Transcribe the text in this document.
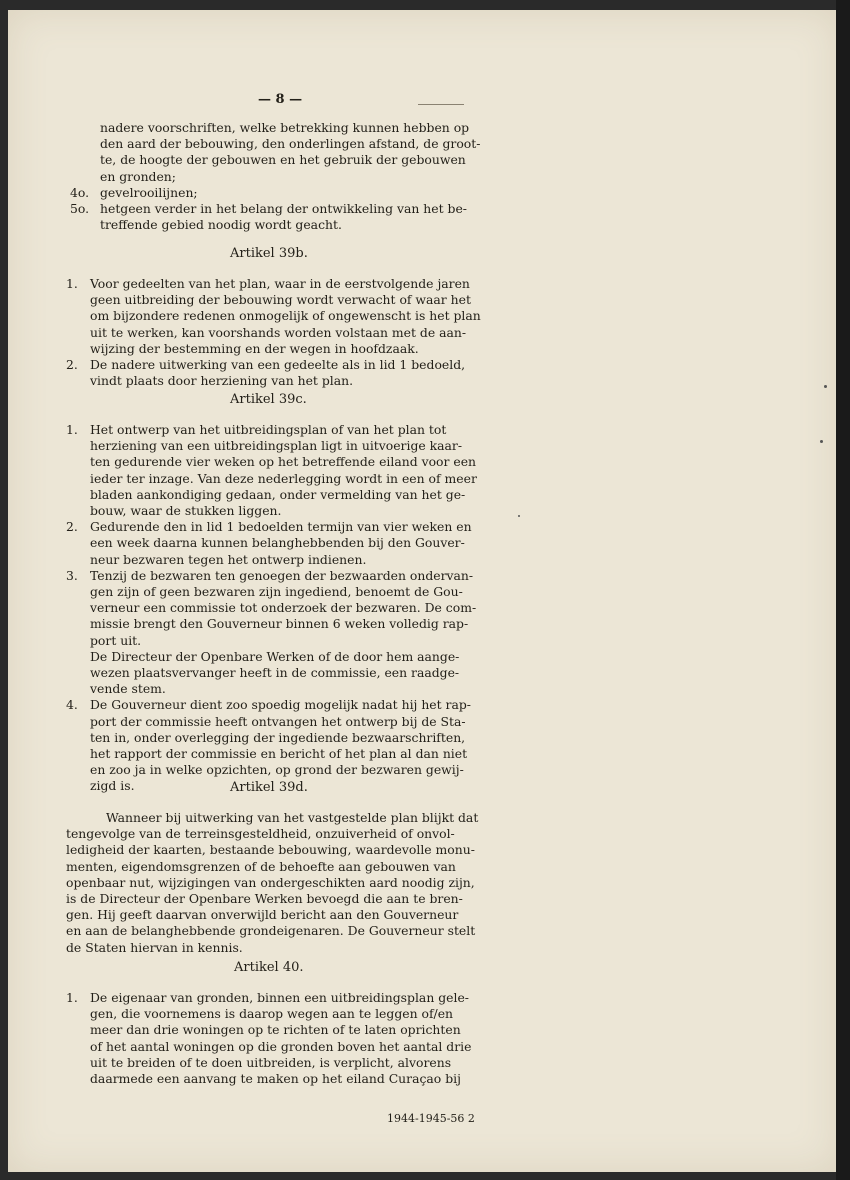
— 8 —
nadere voorschriften, welke betrekking kunnen hebben op
den aard der bebouwing, den onderlingen afstand, de groot-
te, de hoogte der gebouwen en het gebruik der gebouwen
en gronden;
4o. gevelrooilijnen;
5o. hetgeen verder in het belang der ontwikkeling van het be-
treffende gebied noodig wordt geacht.
Artikel 39b.
1. Voor gedeelten van het plan, waar in de eerstvolgende jaren
geen uitbreiding der bebouwing wordt verwacht of waar het
om bijzondere redenen onmogelijk of ongewenscht is het plan
uit te werken, kan voorshands worden volstaan met de aan-
wijzing der bestemming en der wegen in hoofdzaak.
2. De nadere uitwerking van een gedeelte als in lid 1 bedoeld,
vindt plaats door herziening van het plan.
Artikel 39c.
1. Het ontwerp van het uitbreidingsplan of van het plan tot
herziening van een uitbreidingsplan ligt in uitvoerige kaar-
ten gedurende vier weken op het betreffende eiland voor een
ieder ter inzage. Van deze nederlegging wordt in een of meer
bladen aankondiging gedaan, onder vermelding van het ge-
bouw, waar de stukken liggen.
2. Gedurende den in lid 1 bedoelden termijn van vier weken en
een week daarna kunnen belanghebbenden bij den Gouver-
neur bezwaren tegen het ontwerp indienen.
3. Tenzij de bezwaren ten genoegen der bezwaarden ondervan-
gen zijn of geen bezwaren zijn ingediend, benoemt de Gou-
verneur een commissie tot onderzoek der bezwaren. De com-
missie brengt den Gouverneur binnen 6 weken volledig rap-
port uit.
De Directeur der Openbare Werken of de door hem aange-
wezen plaatsvervanger heeft in de commissie, een raadge-
vende stem.
4. De Gouverneur dient zoo spoedig mogelijk nadat hij het rap-
port der commissie heeft ontvangen het ontwerp bij de Sta-
ten in, onder overlegging der ingediende bezwaarschriften,
het rapport der commissie en bericht of het plan al dan niet
en zoo ja in welke opzichten, op grond der bezwaren gewij-
zigd is.	Artikel 39d.
Wanneer bij uitwerking van het vastgestelde plan blijkt dat
tengevolge van de terreinsgesteldheid, onzuiverheid of onvol-
ledigheid der kaarten, bestaande bebouwing, waardevolle monu-
menten, eigendomsgrenzen of de behoefte aan gebouwen van
openbaar nut, wijzigingen van ondergeschikten aard noodig zijn,
is de Directeur der Openbare Werken bevoegd die aan te bren-
gen. Hij geeft daarvan onverwijld bericht aan den Gouverneur
en aan de belanghebbende grondeigenaren. De Gouverneur stelt
de Staten hiervan in kennis.
Artikel 40.
1. De eigenaar van gronden, binnen een uitbreidingsplan gele-
gen, die voornemens is daarop wegen aan te leggen of/en
meer dan drie woningen op te richten of te laten oprichten
of het aantal woningen op die gronden boven het aantal drie
uit te breiden of te doen uitbreiden, is verplicht, alvorens
daarmede een aanvang te maken op het eiland Curaçao bij
1944-1945-56 2
